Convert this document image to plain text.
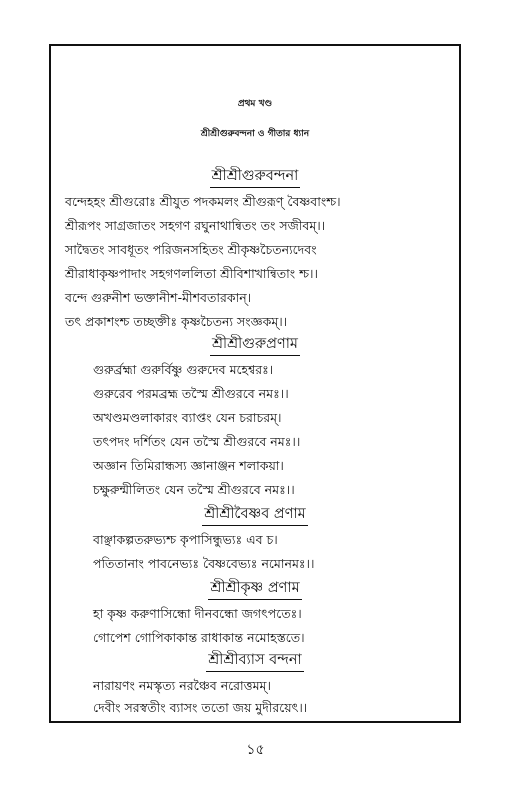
প্রথম খণ্ড
শ্রীশ্রীগুরুবন্দনা ও গীতার ধ্যান
শ্রীশ্রীগুরুবন্দনা
বন্দেহহং শ্রীগুরোঃ শ্রীযুত পদকমলং শ্রীগুরূণ্ বৈষ্ণবাংশ্চ।
শ্রীরূপং সাগ্রজাতং সহগণ রঘুনাথান্বিতং তং সজীবম্।।
সাদ্বৈতং সাবধূতং পরিজনসহিতং শ্রীকৃষ্ণচৈতন্যদেবং
শ্রীরাধাকৃষ্ণপাদাং সহগণললিতা শ্রীবিশাখান্বিতাং শ্চ।।
বন্দে গুরুনীশ ভক্তানীশ-মীশবতারকান্।
তৎ প্রকাশংশ্চ তচ্ছক্তীঃ কৃষ্ণচৈতন্য সংজ্ঞকম্।।
শ্রীশ্রীগুরুপ্রণাম
গুরুর্ব্রহ্মা গুরুর্বিষ্ণু গুরুদেব মহেশ্বরঃ।
গুরুরেব পরমব্রহ্ম তস্মৈ শ্রীগুরবে নমঃ।।
অখণ্ডমণ্ডলাকারং ব্যাপ্তং যেন চরাচরম্।
তৎপদং দর্শিতং যেন তস্মৈ শ্রীগুরবে নমঃ।।
অজ্ঞান তিমিরান্ধস্য জ্ঞানাঞ্জন শলাকয়া।
চক্ষুরুন্মীলিতং যেন তস্মৈ শ্রীগুরবে নমঃ।।
শ্রীশ্রীবৈষ্ণব প্রণাম
বাঞ্ছাকল্পতরুভ্যশ্চ কৃপাসিন্ধুভ্যঃ এব চ।
পতিতানাং পাবনেভ্যঃ বৈষ্ণবেভ্যঃ নমোনমঃ।।
শ্রীশ্রীকৃষ্ণ প্রণাম
হা কৃষ্ণ করুণাসিন্ধো দীনবন্ধো জগৎপতেঃ।
গোপেশ গোপিকাকান্ত রাধাকান্ত নমোহস্ততে।
শ্রীশ্রীব্যাস বন্দনা
নারায়ণং নমস্কৃত্য নরঞ্চৈব নরোত্তমম্।
দেবীং সরস্বতীং ব্যাসং ততো জয় মুদীরয়েৎ।।
১৫
